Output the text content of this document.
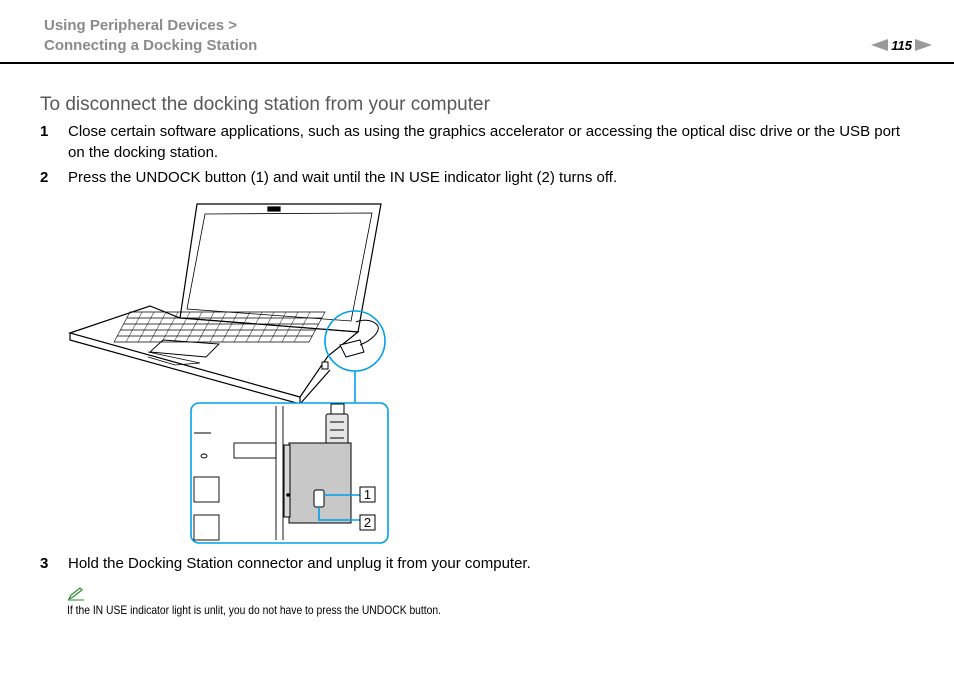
Using Peripheral Devices >
Connecting a Docking Station	115
To disconnect the docking station from your computer
1 Close certain software applications, such as using the graphics accelerator or accessing the optical disc drive or the USB port on the docking station.
2 Press the UNDOCK button (1) and wait until the IN USE indicator light (2) turns off.
1
2
3 Hold the Docking Station connector and unplug it from your computer.
If the IN USE indicator light is unlit, you do not have to press the UNDOCK button.
